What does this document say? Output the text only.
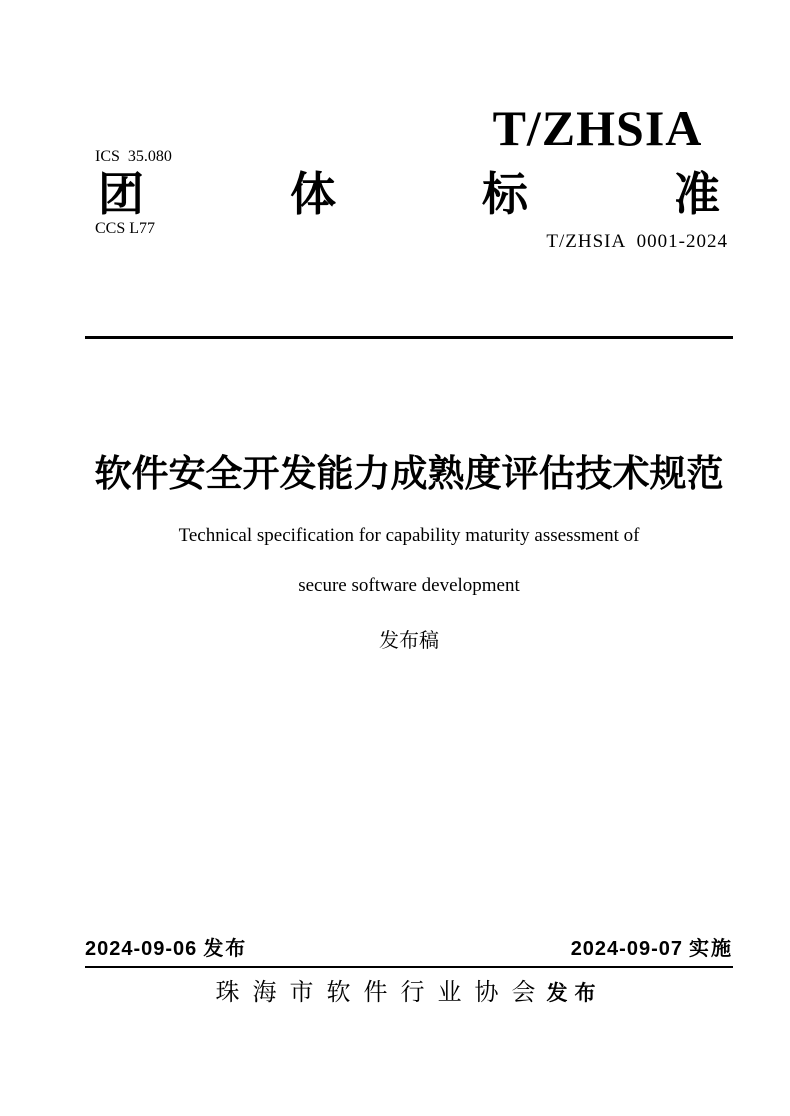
ICS  35.080

CCS L77

T/ZHSIA
团	体	标	准
T/ZHSIA  0001-2024
软件安全开发能力成熟度评估技术规范
Technical specification for capability maturity assessment of
secure software development
发布稿
2024-09-06 发布	2024-09-07 实施
珠海市软件行业协会发布
